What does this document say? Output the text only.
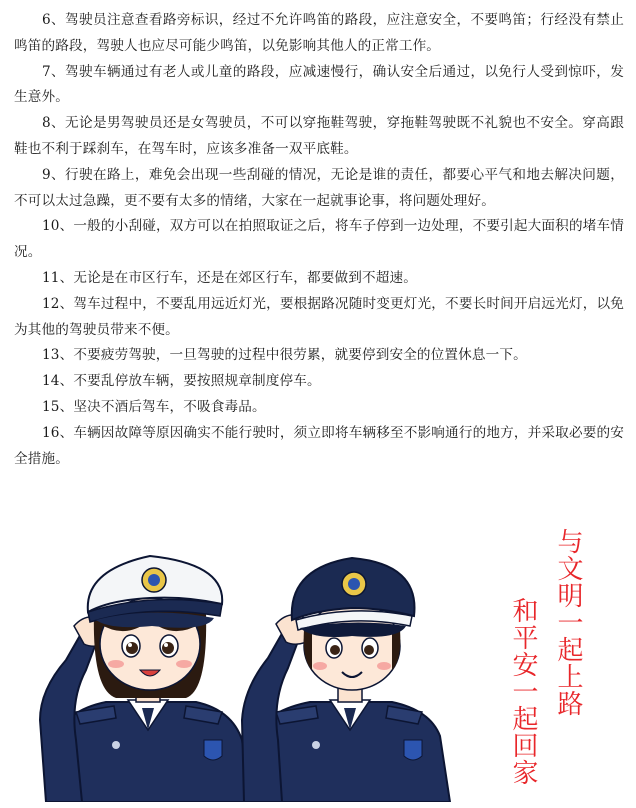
6、驾驶员注意查看路旁标识，经过不允许鸣笛的路段，应注意安全，不要鸣笛；行经没有禁止鸣笛的路段，驾驶人也应尽可能少鸣笛，以免影响其他人的正常工作。

7、驾驶车辆通过有老人或儿童的路段，应减速慢行，确认安全后通过，以免行人受到惊吓，发生意外。

8、无论是男驾驶员还是女驾驶员，不可以穿拖鞋驾驶，穿拖鞋驾驶既不礼貌也不安全。穿高跟鞋也不利于踩刹车，在驾车时，应该多准备一双平底鞋。

9、行驶在路上，难免会出现一些刮碰的情况，无论是谁的责任，都要心平气和地去解决问题，不可以太过急躁，更不要有太多的情绪，大家在一起就事论事，将问题处理好。

10、一般的小刮碰，双方可以在拍照取证之后，将车子停到一边处理，不要引起大面积的堵车情况。

11、无论是在市区行车，还是在郊区行车，都要做到不超速。

12、驾车过程中，不要乱用远近灯光，要根据路况随时变更灯光，不要长时间开启远光灯，以免为其他的驾驶员带来不便。

13、不要疲劳驾驶，一旦驾驶的过程中很劳累，就要停到安全的位置休息一下。

14、不要乱停放车辆，要按照规章制度停车。

15、坚决不酒后驾车，不吸食毒品。

16、车辆因故障等原因确实不能行驶时，须立即将车辆移至不影响通行的地方，并采取必要的安全措施。

与文明一起上路
和平安一起回家
